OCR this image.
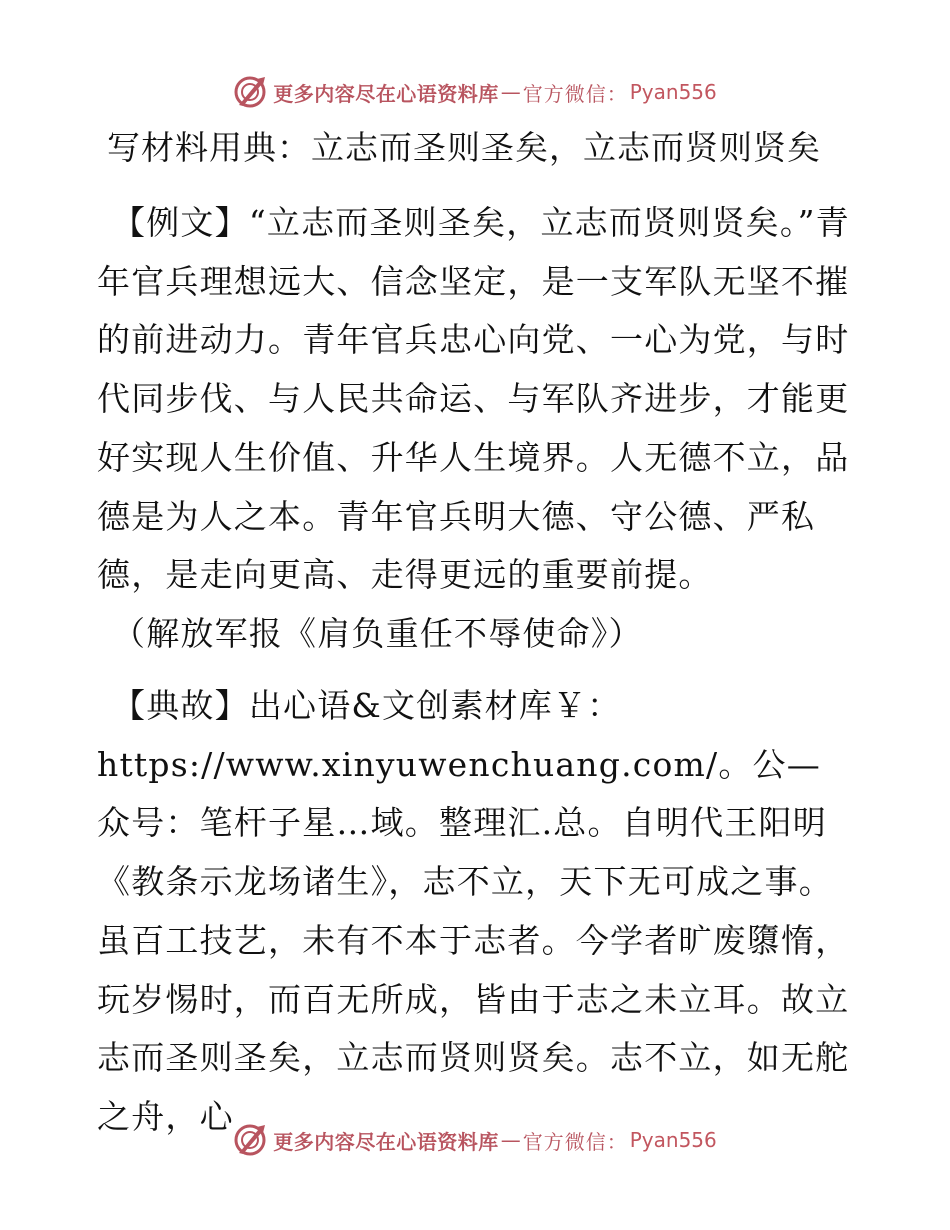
更多内容尽在心语资料库 — 官方微信： Pyan556
写材料用典：立志而圣则圣矣，立志而贤则贤矣
【例文】“立志而圣则圣矣，立志而贤则贤矣。”青年官兵理想远大、信念坚定，是一支军队无坚不摧的前进动力。青年官兵忠心向党、一心为党，与时代同步伐、与人民共命运、与军队齐进步，才能更好实现人生价值、升华人生境界。人无德不立，品德是为人之本。青年官兵明大德、守公德、严私德，是走向更高、走得更远的重要前提。
（解放军报《肩负重任不辱使命》）
【典故】出心语&文创素材库￥：https://www.xinyuwenchuang.com/。公—众号：笔杆子星…域。整理汇.总。自明代王阳明《教条示龙场诸生》，志不立，天下无可成之事。虽百工技艺，未有不本于志者。今学者旷废隳惰，玩岁惕时，而百无所成，皆由于志之未立耳。故立志而圣则圣矣，立志而贤则贤矣。志不立，如无舵之舟，心
更多内容尽在心语资料库 — 官方微信： Pyan556
